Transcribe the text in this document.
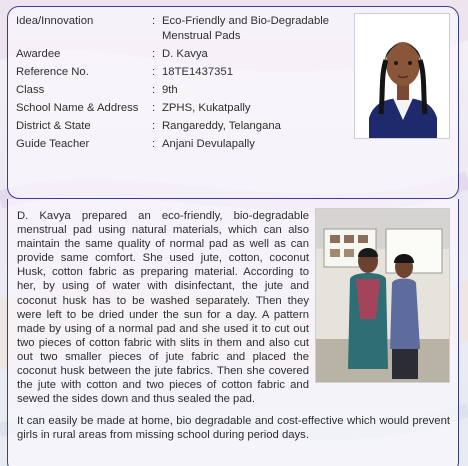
Idea/Innovation	: Eco-Friendly and Bio-Degradable
Menstrual Pads
Awardee	: D. Kavya
Reference No.	: 18TE1437351
Class	: 9th
School Name & Address	: ZPHS, Kukatpally
District & State	: Rangareddy, Telangana
Guide Teacher	: Anjani Devulapally
D. Kavya prepared an eco-friendly, bio-degradable menstrual pad using natural materials, which can also maintain the same quality of normal pad as well as can provide same comfort. She used jute, cotton, coconut Husk, cotton fabric as preparing material. According to her, by using of water with disinfectant, the jute and coconut husk has to be washed separately. Then they were left to be dried under the sun for a day. A pattern made by using of a normal pad and she used it to cut out two pieces of cotton fabric with slits in them and also cut out two smaller pieces of jute fabric and placed the coconut husk between the jute fabrics. Then she covered the jute with cotton and two pieces of cotton fabric and sewed the sides down and thus sealed the pad.
It can easily be made at home, bio degradable and cost-effective which would prevent girls in rural areas from missing school during period days.
